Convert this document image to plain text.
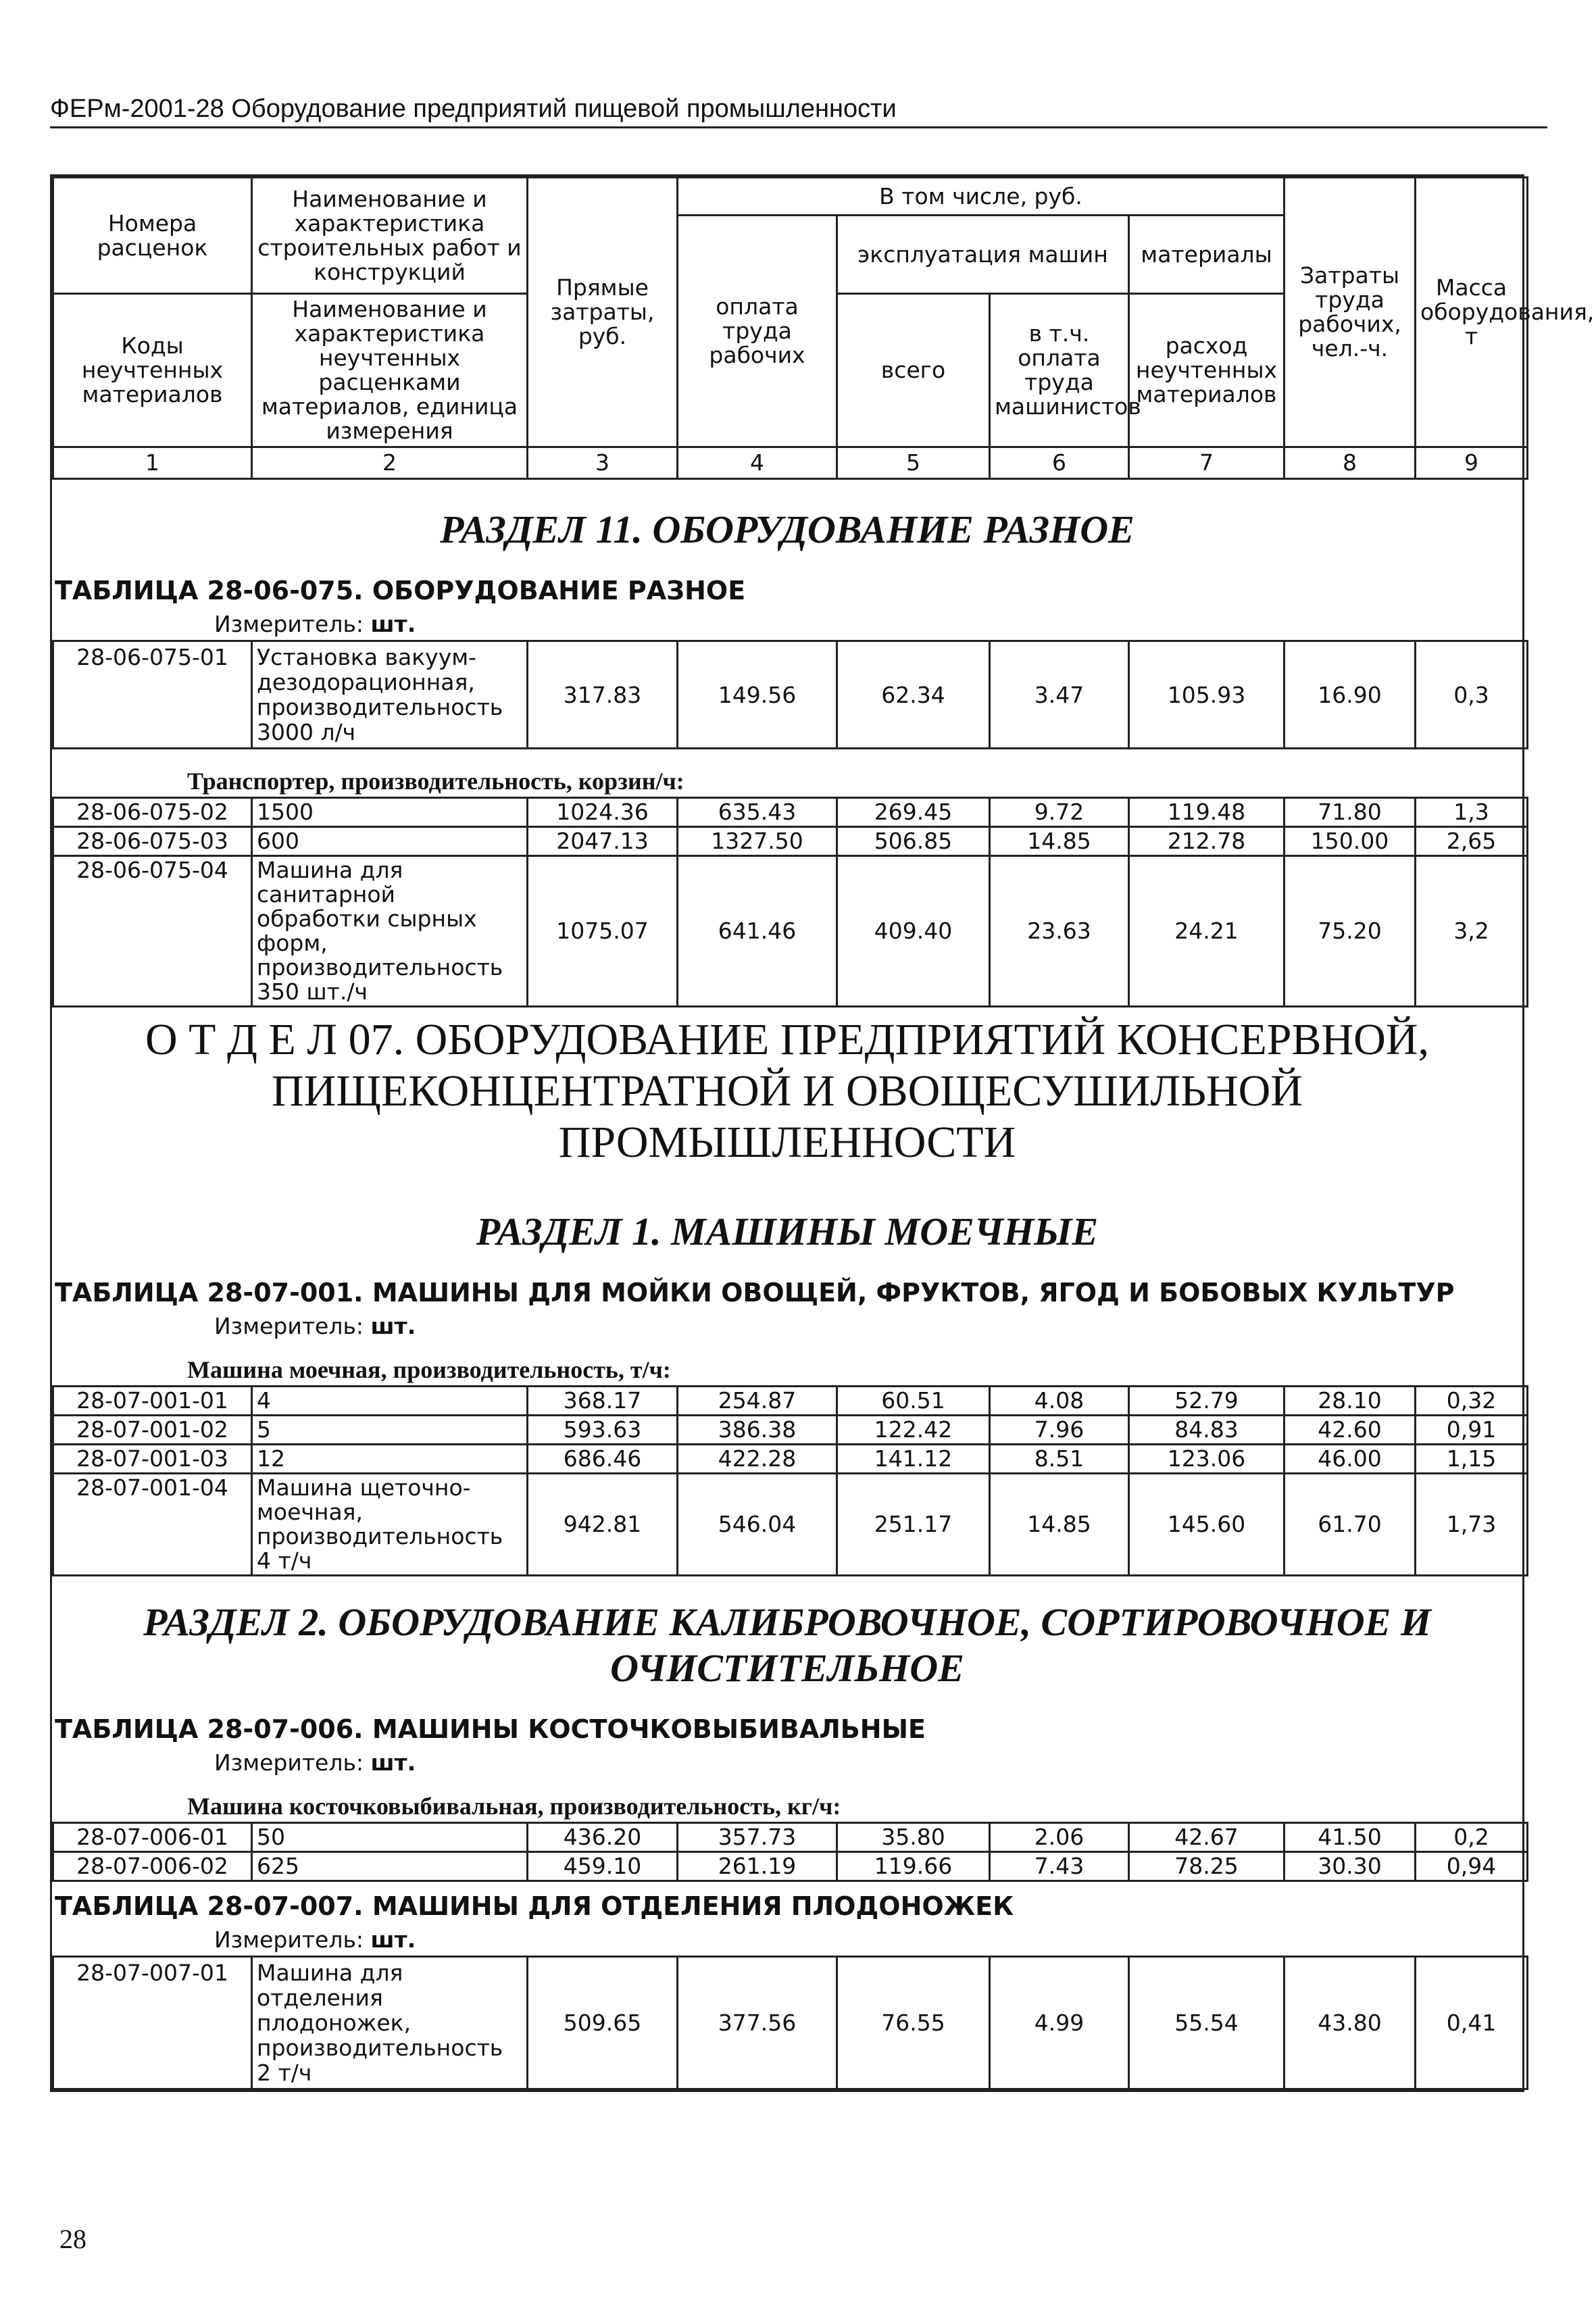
ФЕРм-2001-28 Оборудование предприятий пищевой промышленности
Номера расценок	Наименование и характеристика строительных работ и конструкций	Прямые затраты, руб.	В том числе, руб.				Затраты труда рабочих, чел.-ч.	Масса оборудования, т
			оплата труда рабочих	эксплуатация машин		материалы		
Коды неучтенных материалов	Наименование и характеристика неучтенных расценками материалов, единица измерения			всего	в т.ч. оплата труда машинистов	расход неучтенных материалов		

1	2	3	4	5	6	7	8	9
РАЗДЕЛ 11. ОБОРУДОВАНИЕ РАЗНОЕ
ТАБЛИЦА 28-06-075. ОБОРУДОВАНИЕ РАЗНОЕ
Измеритель: шт.
28-06-075-01	Установка вакуум-дезодорационная, производительность 3000 л/ч	317.83	149.56	62.34	3.47	105.93	16.90	0,3
Транспортер, производительность, корзин/ч:
28-06-075-02	1500	1024.36	635.43	269.45	9.72	119.48	71.80	1,3
28-06-075-03	600	2047.13	1327.50	506.85	14.85	212.78	150.00	2,65
28-06-075-04	Машина для санитарной обработки сырных форм, производительность 350 шт./ч	1075.07	641.46	409.40	23.63	24.21	75.20	3,2
О Т Д Е Л 07. ОБОРУДОВАНИЕ ПРЕДПРИЯТИЙ КОНСЕРВНОЙ, ПИЩЕКОНЦЕНТРАТНОЙ И ОВОЩЕСУШИЛЬНОЙ ПРОМЫШЛЕННОСТИ
РАЗДЕЛ 1. МАШИНЫ МОЕЧНЫЕ
ТАБЛИЦА 28-07-001. МАШИНЫ ДЛЯ МОЙКИ ОВОЩЕЙ, ФРУКТОВ, ЯГОД И БОБОВЫХ КУЛЬТУР
Измеритель: шт.
Машина моечная, производительность, т/ч:
28-07-001-01	4	368.17	254.87	60.51	4.08	52.79	28.10	0,32
28-07-001-02	5	593.63	386.38	122.42	7.96	84.83	42.60	0,91
28-07-001-03	12	686.46	422.28	141.12	8.51	123.06	46.00	1,15
28-07-001-04	Машина щеточно-моечная, производительность 4 т/ч	942.81	546.04	251.17	14.85	145.60	61.70	1,73
РАЗДЕЛ 2. ОБОРУДОВАНИЕ КАЛИБРОВОЧНОЕ, СОРТИРОВОЧНОЕ И ОЧИСТИТЕЛЬНОЕ
ТАБЛИЦА 28-07-006. МАШИНЫ КОСТОЧКОВЫБИВАЛЬНЫЕ
Измеритель: шт.
Машина косточковыбивальная, производительность, кг/ч:
28-07-006-01	50	436.20	357.73	35.80	2.06	42.67	41.50	0,2
28-07-006-02	625	459.10	261.19	119.66	7.43	78.25	30.30	0,94
ТАБЛИЦА 28-07-007. МАШИНЫ ДЛЯ ОТДЕЛЕНИЯ ПЛОДОНОЖЕК
Измеритель: шт.
28-07-007-01	Машина для отделения плодоножек, производительность 2 т/ч	509.65	377.56	76.55	4.99	55.54	43.80	0,41
28
